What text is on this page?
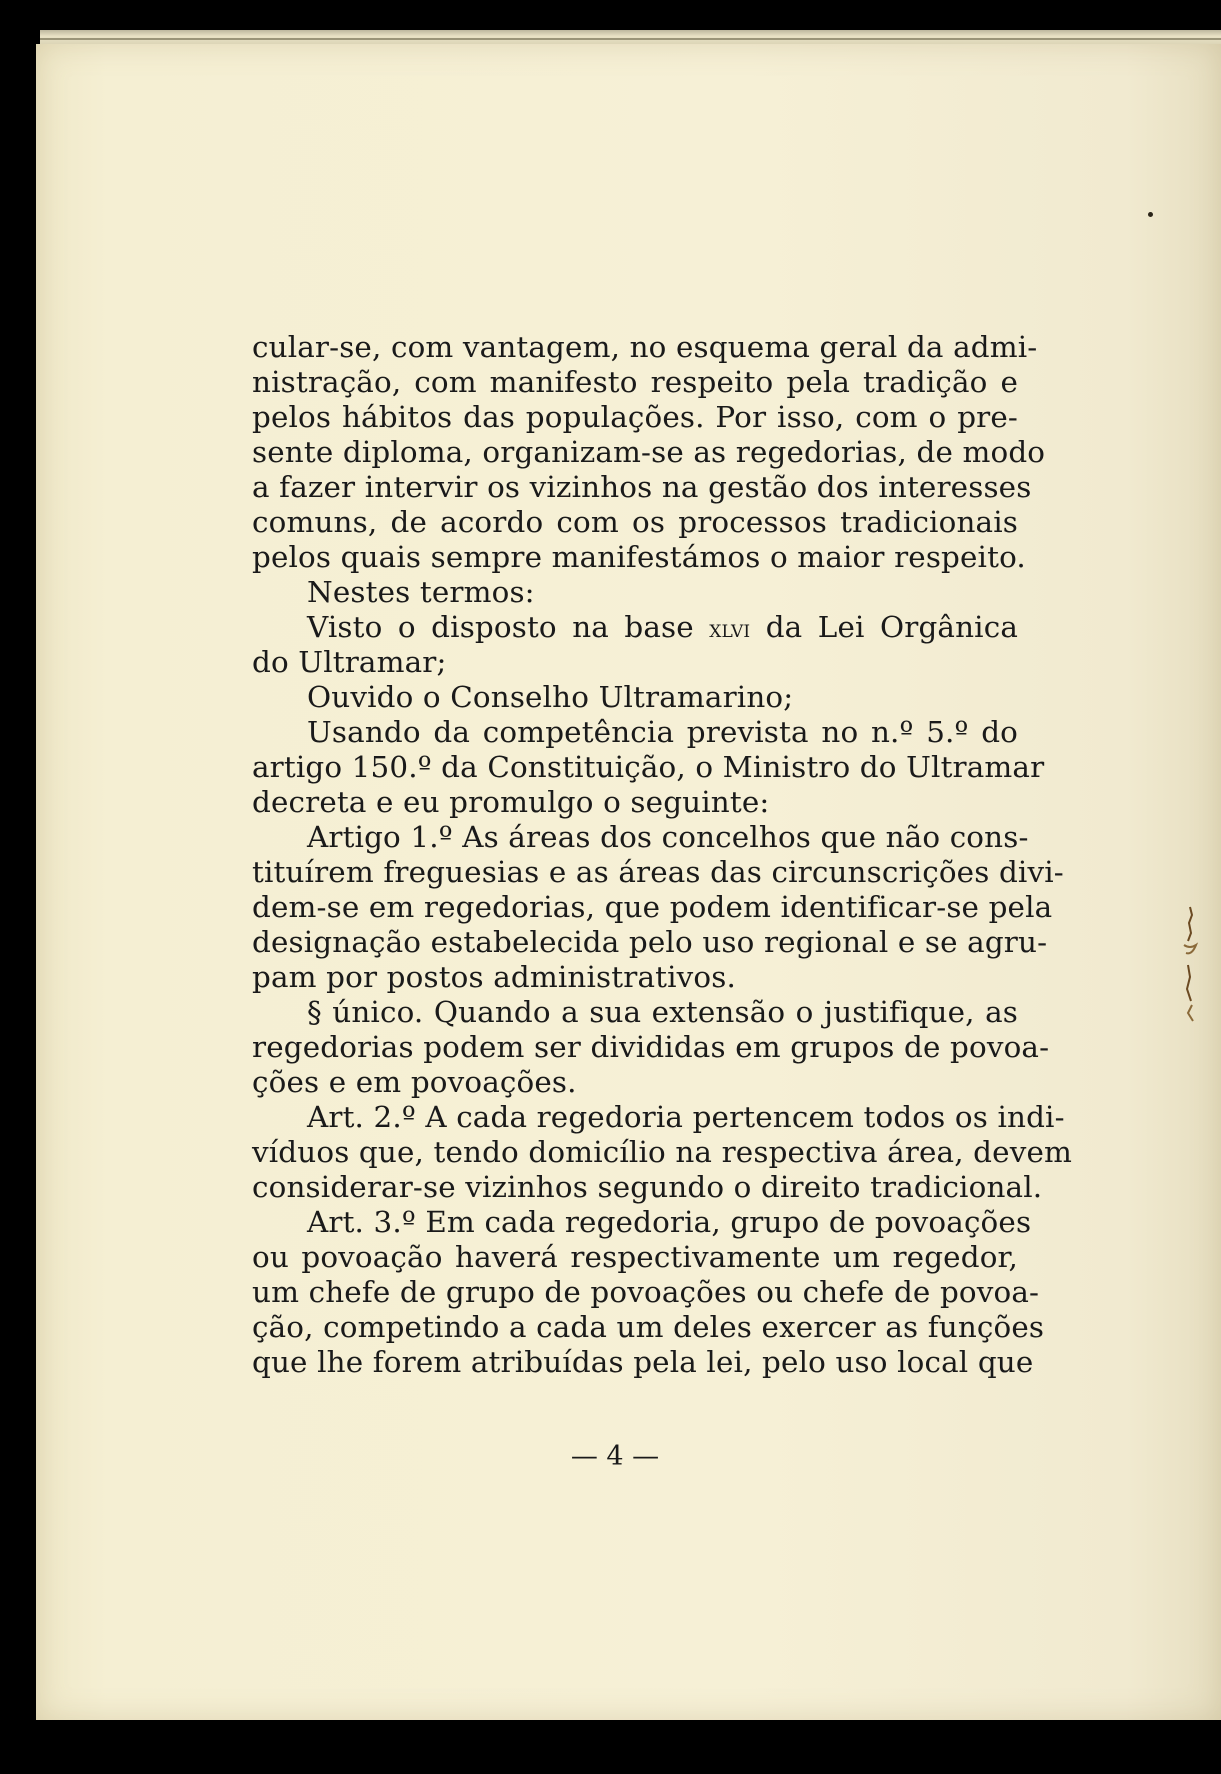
cular-se, com vantagem, no esquema geral da admi-
nistração, com manifesto respeito pela tradição e
pelos hábitos das populações. Por isso, com o pre-
sente diploma, organizam-se as regedorias, de modo
a fazer intervir os vizinhos na gestão dos interesses
comuns, de acordo com os processos tradicionais
pelos quais sempre manifestámos o maior respeito.
Nestes termos:
Visto o disposto na base xlvi da Lei Orgânica
do Ultramar;
Ouvido o Conselho Ultramarino;
Usando da competência prevista no n.º 5.º do
artigo 150.º da Constituição, o Ministro do Ultramar
decreta e eu promulgo o seguinte:
Artigo 1.º As áreas dos concelhos que não cons-
tituírem freguesias e as áreas das circunscrições divi-
dem-se em regedorias, que podem identificar-se pela
designação estabelecida pelo uso regional e se agru-
pam por postos administrativos.
§ único. Quando a sua extensão o justifique, as
regedorias podem ser divididas em grupos de povoa-
ções e em povoações.
Art. 2.º A cada regedoria pertencem todos os indi-
víduos que, tendo domicílio na respectiva área, devem
considerar-se vizinhos segundo o direito tradicional.
Art. 3.º Em cada regedoria, grupo de povoações
ou povoação haverá respectivamente um regedor,
um chefe de grupo de povoações ou chefe de povoa-
ção, competindo a cada um deles exercer as funções
que lhe forem atribuídas pela lei, pelo uso local que
— 4 —
